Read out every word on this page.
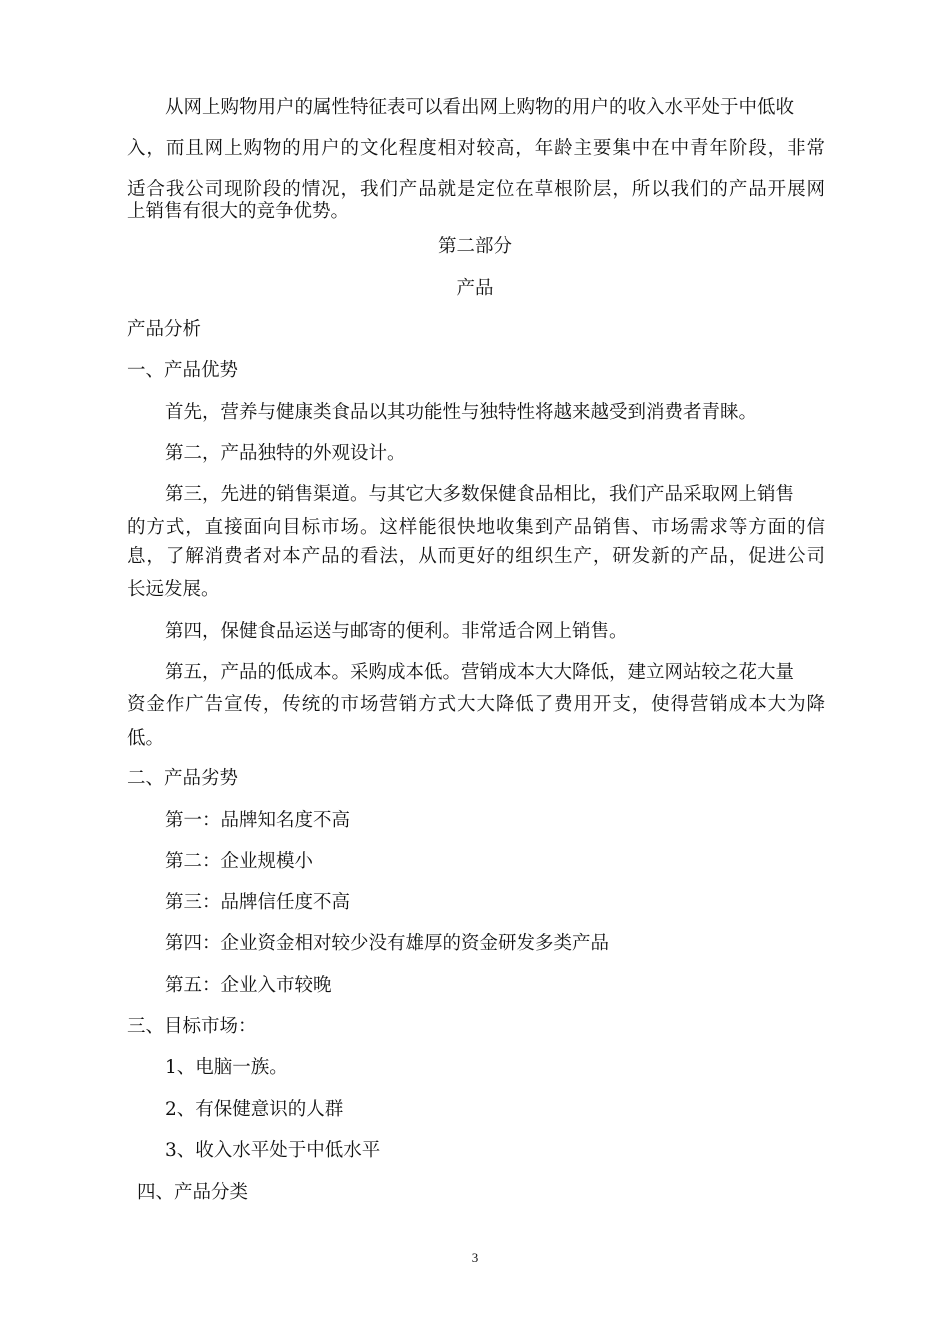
从网上购物用户的属性特征表可以看出网上购物的用户的收入水平处于中低收
入，而且网上购物的用户的文化程度相对较高，年龄主要集中在中青年阶段，非常
适合我公司现阶段的情况，我们产品就是定位在草根阶层，所以我们的产品开展网
上销售有很大的竞争优势。
第二部分
产品
产品分析
一、产品优势
首先，营养与健康类食品以其功能性与独特性将越来越受到消费者青睐。
第二，产品独特的外观设计。
第三，先进的销售渠道。与其它大多数保健食品相比，我们产品采取网上销售
的方式，直接面向目标市场。这样能很快地收集到产品销售、市场需求等方面的信
息，了解消费者对本产品的看法，从而更好的组织生产，研发新的产品，促进公司
长远发展。
第四，保健食品运送与邮寄的便利。非常适合网上销售。
第五，产品的低成本。采购成本低。营销成本大大降低，建立网站较之花大量
资金作广告宣传，传统的市场营销方式大大降低了费用开支，使得营销成本大为降
低。
二、产品劣势
第一：品牌知名度不高
第二：企业规模小
第三：品牌信任度不高
第四：企业资金相对较少没有雄厚的资金研发多类产品
第五：企业入市较晚
三、目标市场：
1、电脑一族。
2、有保健意识的人群
3、收入水平处于中低水平
四、产品分类
3
